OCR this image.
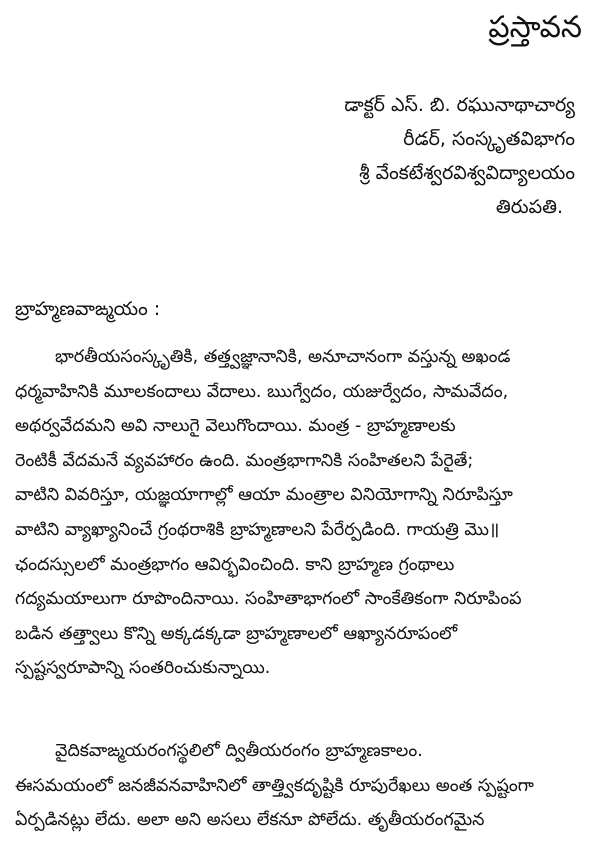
ప్రస్తావన
డాక్టర్ ఎస్. బి. రఘునాథాచార్య
రీడర్, సంస్కృతవిభాగం
శ్రీ వేంకటేశ్వరవిశ్వవిద్యాలయం
తిరుపతి.
బ్రాహ్మణవాఙ్మయం :
భారతీయసంస్కృతికి, తత్త్వజ్ఞానానికి, అనూచానంగా వస్తున్న అఖండ
ధర్మవాహినికి మూలకందాలు వేదాలు. ఋగ్వేదం, యజుర్వేదం, సామవేదం,
అథర్వవేదమని అవి నాలుగై వెలుగొందాయి. మంత్ర - బ్రాహ్మణాలకు
రెంటికీ వేదమనే వ్యవహారం ఉంది. మంత్రభాగానికి సంహితలని పేరైతే;
వాటిని వివరిస్తూ, యజ్ఞయాగాల్లో ఆయా మంత్రాల వినియోగాన్ని నిరూపిస్తూ
వాటిని వ్యాఖ్యానించే గ్రంథరాశికి బ్రాహ్మణాలని పేరేర్పడింది. గాయత్రి మొ॥
ఛందస్సులలో మంత్రభాగం ఆవిర్భవించింది. కాని బ్రాహ్మణ గ్రంథాలు
గద్యమయాలుగా రూపొందినాయి. సంహితాభాగంలో సాంకేతికంగా నిరూపింప
బడిన తత్త్వాలు కొన్ని అక్కడక్కడా బ్రాహ్మణాలలో ఆఖ్యానరూపంలో
స్పష్టస్వరూపాన్ని సంతరించుకున్నాయి.
వైదికవాఙ్మయరంగస్థలిలో ద్వితీయరంగం బ్రాహ్మణకాలం.
ఈసమయంలో జనజీవనవాహినిలో తాత్త్వికదృష్టికి రూపురేఖలు అంత స్పష్టంగా
ఏర్పడినట్లు లేదు. అలా అని అసలు లేకనూ పోలేదు. తృతీయరంగమైన
